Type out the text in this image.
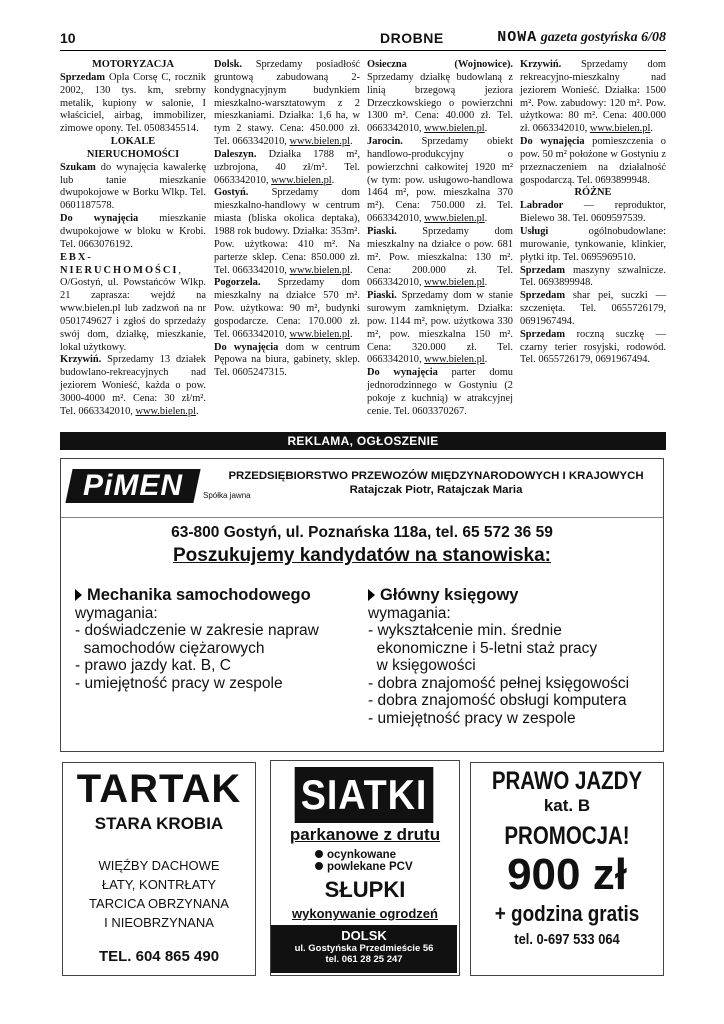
10	DROBNE	NOWA gazeta gostyńska 6/08

MOTORYZACJA

Sprzedam Opla Corsę C, rocznik 2002, 130 tys. km, srebrny metalik, kupiony w salonie, I właściciel, airbag, immobilizer, zimowe opony. Tel. 0508345514.

LOKALE

NIERUCHOMOŚCI

Szukam do wynajęcia kawalerkę lub tanie mieszkanie dwupokojowe w Borku Wlkp. Tel. 0601187578.

Do wynajęcia mieszkanie dwupokojowe w bloku w Krobi. Tel. 0663076192.

EBX-NIERUCHOMOŚCI, O/Gostyń, ul. Powstańców Wlkp. 21 zaprasza: wejdź na www.bielen.pl lub zadzwoń na nr 0501749627 i zgłoś do sprzedaży swój dom, działkę, mieszkanie, lokal użytkowy.

Krzywiń. Sprzedamy 13 działek budowlano-rekreacyjnych nad jeziorem Wonieść, każda o pow. 3000-4000 m². Cena: 30 zł/m². Tel. 0663342010, www.bielen.pl.

Dolsk. Sprzedamy posiadłość gruntową zabudowaną 2-kondygnacyjnym budynkiem mieszkalno-warsztatowym z 2 mieszkaniami. Działka: 1,6 ha, w tym 2 stawy. Cena: 450.000 zł. Tel. 0663342010, www.bielen.pl.

Daleszyn. Działka 1788 m², uzbrojona, 40 zł/m². Tel. 0663342010, www.bielen.pl.

Gostyń. Sprzedamy dom mieszkalno-handlowy w centrum miasta (bliska okolica deptaka), 1988 rok budowy. Działka: 353m². Pow. użytkowa: 410 m². Na parterze sklep. Cena: 850.000 zł. Tel. 0663342010, www.bielen.pl.

Pogorzela. Sprzedamy dom mieszkalny na działce 570 m². Pow. użytkowa: 90 m², budynki gospodarcze. Cena: 170.000 zł. Tel. 0663342010, www.bielen.pl.

Do wynajęcia dom w centrum Pępowa na biura, gabinety, sklep. Tel. 0605247315.

Osieczna (Wojnowice). Sprzedamy działkę budowlaną z linią brzegową jeziora Drzeczkowskiego o powierzchni 1300 m². Cena: 40.000 zł. Tel. 0663342010, www.bielen.pl.

Jarocin. Sprzedamy obiekt handlowo-produkcyjny o powierzchni całkowitej 1920 m² (w tym: pow. usługowo-handlowa 1464 m², pow. mieszkalna 370 m²). Cena: 750.000 zł. Tel. 0663342010, www.bielen.pl.

Piaski. Sprzedamy dom mieszkalny na działce o pow. 681 m². Pow. mieszkalna: 130 m². Cena: 200.000 zł. Tel. 0663342010, www.bielen.pl.

Piaski. Sprzedamy dom w stanie surowym zamkniętym. Działka: pow. 1144 m², pow. użytkowa 330 m², pow. mieszkalna 150 m². Cena: 320.000 zł. Tel. 0663342010, www.bielen.pl.

Do wynajęcia parter domu jednorodzinnego w Gostyniu (2 pokoje z kuchnią) w atrakcyjnej cenie. Tel. 0603370267.

Krzywiń. Sprzedamy dom rekreacyjno-mieszkalny nad jeziorem Wonieść. Działka: 1500 m². Pow. zabudowy: 120 m². Pow. użytkowa: 80 m². Cena: 400.000 zł. 0663342010, www.bielen.pl.

Do wynajęcia pomieszczenia o pow. 50 m² położone w Gostyniu z przeznaczeniem na działalność gospodarczą. Tel. 0693899948.

RÓŻNE

Labrador — reproduktor, Bielewo 38. Tel. 0609597539.

Usługi ogólnobudowlane: murowanie, tynkowanie, klinkier, płytki itp. Tel. 0695969510.

Sprzedam maszyny szwalnicze. Tel. 0693899948.

Sprzedam shar pei, suczki — szczenięta. Tel. 0655726179, 0691967494.

Sprzedam roczną suczkę — czarny terier rosyjski, rodowód. Tel. 0655726179, 0691967494.

REKLAMA, OGŁOSZENIE
PiMEN	Spółka jawna
PRZEDSIĘBIORSTWO PRZEWOZÓW MIĘDZYNARODOWYCH I KRAJOWYCH
Ratajczak Piotr, Ratajczak Maria
63-800 Gostyń, ul. Poznańska 118a, tel. 65 572 36 59
Poszukujemy kandydatów na stanowiska:
Mechanika samochodowego
wymagania:
- doświadczenie w zakresie napraw
samochodów ciężarowych
- prawo jazdy kat. B, C
- umiejętność pracy w zespole
Główny księgowy
wymagania:
- wykształcenie min. średnie
ekonomiczne i 5-letni staż pracy
w księgowości
- dobra znajomość pełnej księgowości
- dobra znajomość obsługi komputera
- umiejętność pracy w zespole
TARTAK
STARA KROBIA
WIĘŹBY DACHOWE
ŁATY, KONTRŁATY
TARCICA OBRZYNANA
I NIEOBRZYNANA
TEL. 604 865 490
SIATKI
parkanowe z drutu
ocynkowane
powlekane PCV
SŁUPKI
wykonywanie ogrodzeń
DOLSK
ul. Gostyńska Przedmieście 56
tel. 061 28 25 247
PRAWO JAZDY
kat. B
PROMOCJA!
900 zł
+ godzina gratis
tel. 0-697 533 064
